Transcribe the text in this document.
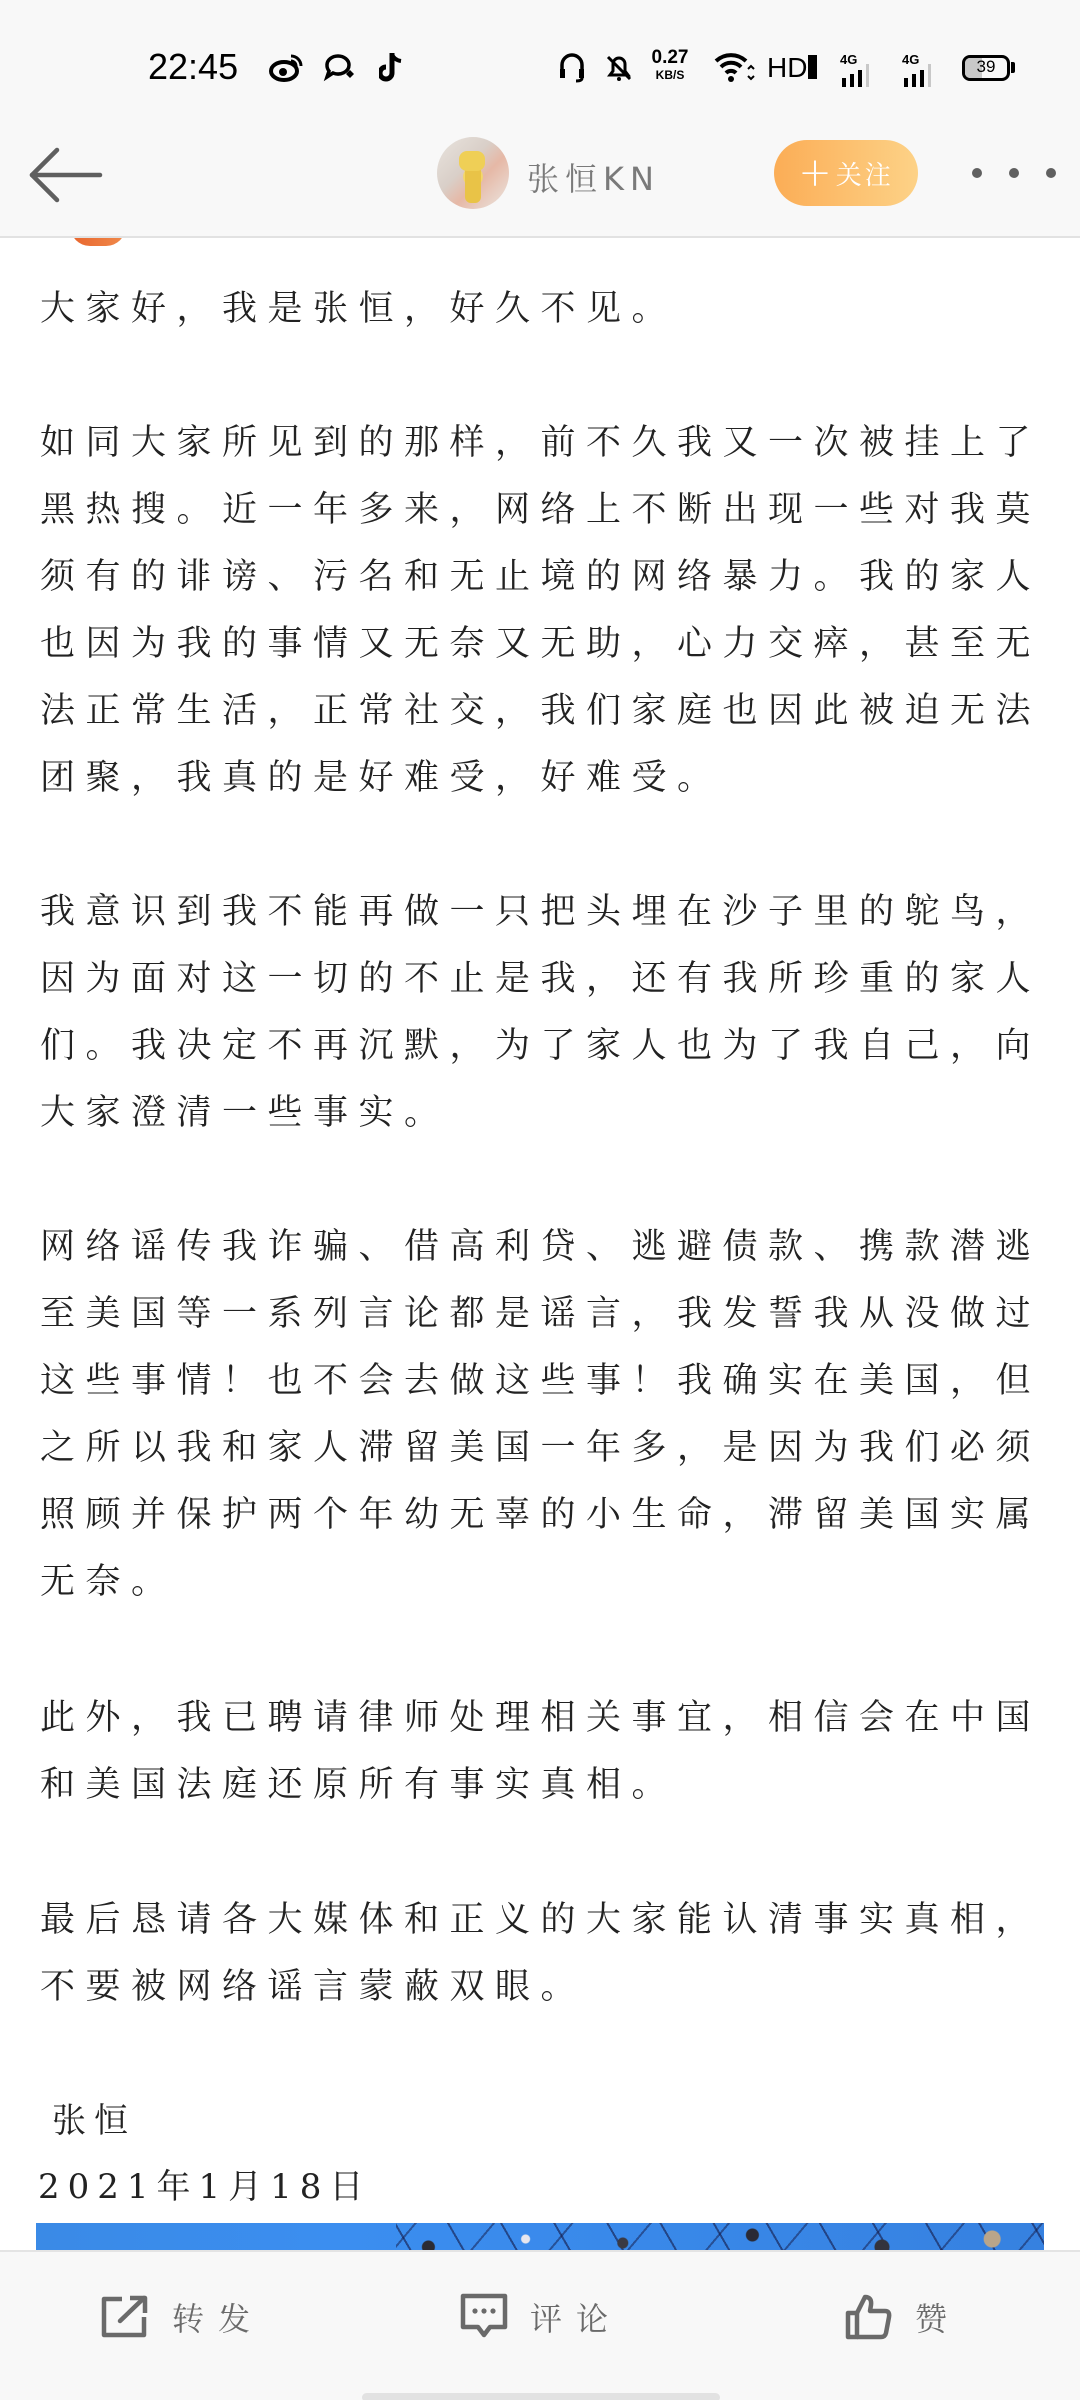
22:45	0.27
KB/S	HD	4G	4G	39
张恒KN	+ 关注

大家好，我是张恒，好久不见。

如同大家所见到的那样，前不久我又一次被挂上了黑热搜。近一年多来，网络上不断出现一些对我莫须有的诽谤、污名和无止境的网络暴力。我的家人也因为我的事情又无奈又无助，心力交瘁，甚至无法正常生活，正常社交，我们家庭也因此被迫无法团聚，我真的是好难受，好难受。

我意识到我不能再做一只把头埋在沙子里的鸵鸟，因为面对这一切的不止是我，还有我所珍重的家人们。我决定不再沉默，为了家人也为了我自己，向大家澄清一些事实。

网络谣传我诈骗、借高利贷、逃避债款、携款潜逃至美国等一系列言论都是谣言，我发誓我从没做过这些事情！也不会去做这些事！我确实在美国，但之所以我和家人滞留美国一年多，是因为我们必须照顾并保护两个年幼无辜的小生命，滞留美国实属无奈。

此外，我已聘请律师处理相关事宜，相信会在中国和美国法庭还原所有事实真相。

最后恳请各大媒体和正义的大家能认清事实真相，不要被网络谣言蒙蔽双眼。

张恒
2021年1月18日
转发	评论	赞
